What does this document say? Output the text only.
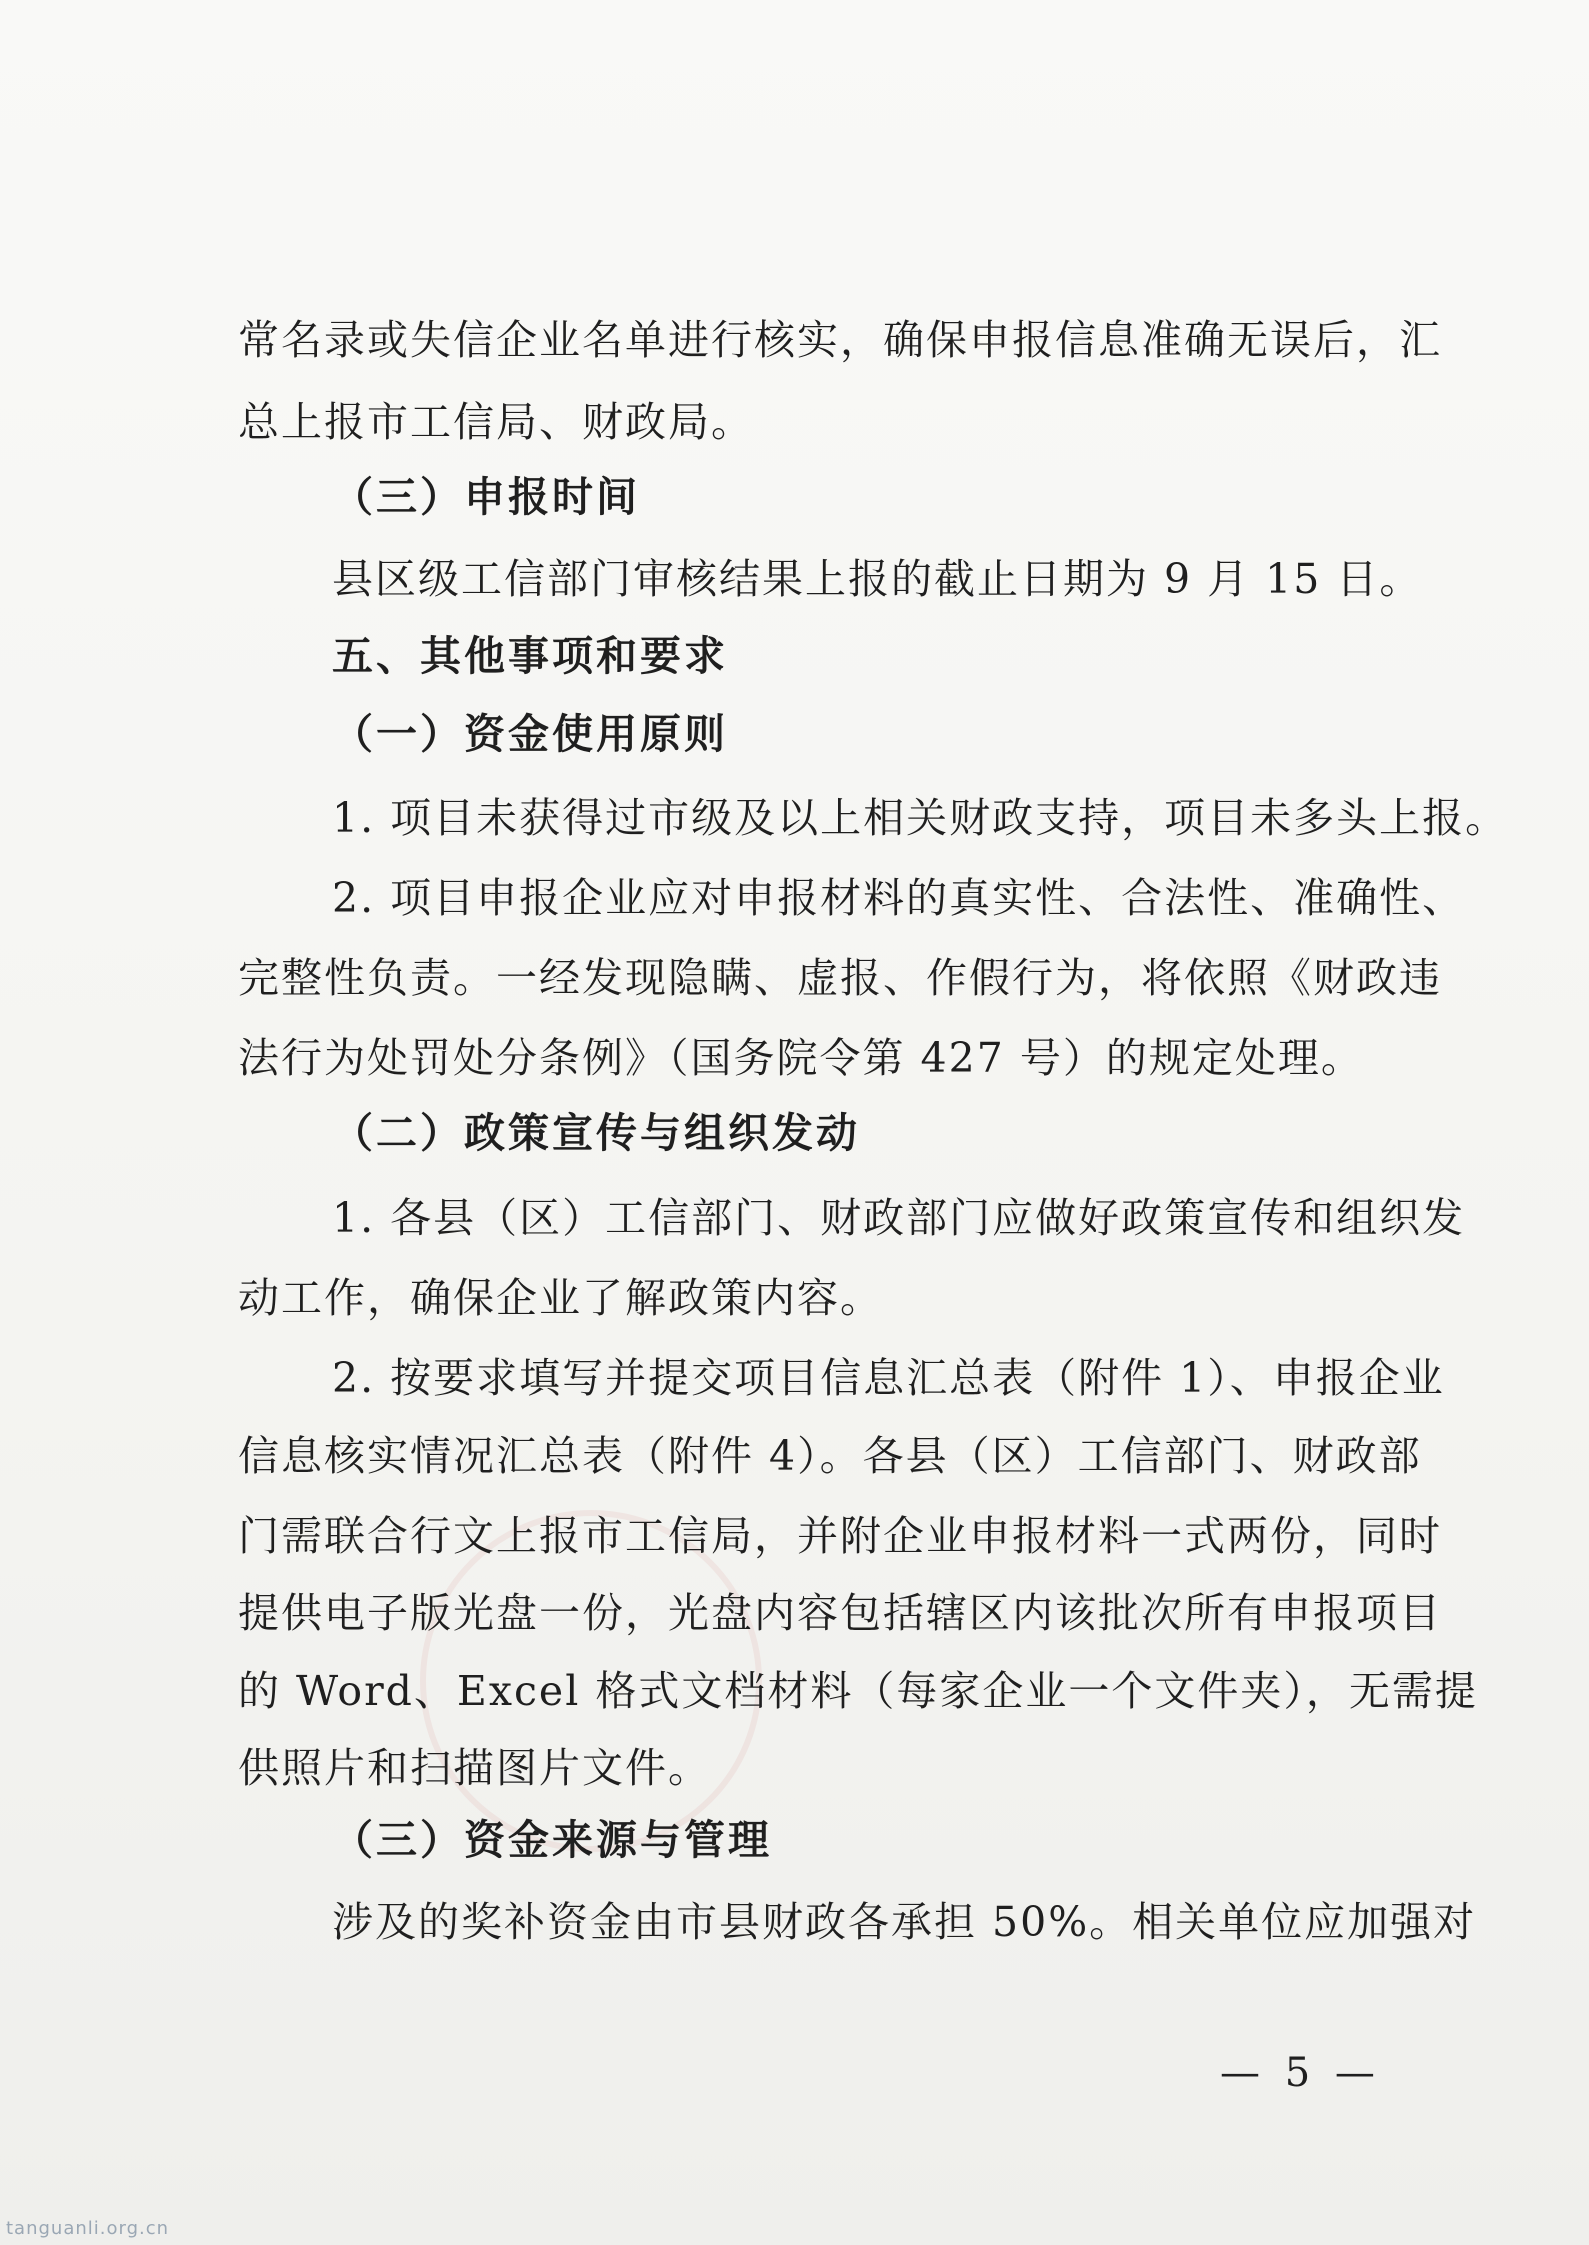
常名录或失信企业名单进行核实，确保申报信息准确无误后，汇
总上报市工信局、财政局。
（三）申报时间
县区级工信部门审核结果上报的截止日期为 9 月 15 日。
五、其他事项和要求
（一）资金使用原则
1. 项目未获得过市级及以上相关财政支持，项目未多头上报。
2. 项目申报企业应对申报材料的真实性、合法性、准确性、
完整性负责。一经发现隐瞒、虚报、作假行为，将依照《财政违
法行为处罚处分条例》（国务院令第 427 号）的规定处理。
（二）政策宣传与组织发动
1. 各县（区）工信部门、财政部门应做好政策宣传和组织发
动工作，确保企业了解政策内容。
2. 按要求填写并提交项目信息汇总表（附件 1）、申报企业
信息核实情况汇总表（附件 4）。各县（区）工信部门、财政部
门需联合行文上报市工信局，并附企业申报材料一式两份，同时
提供电子版光盘一份，光盘内容包括辖区内该批次所有申报项目
的 Word、Excel 格式文档材料（每家企业一个文件夹），无需提
供照片和扫描图片文件。
（三）资金来源与管理
涉及的奖补资金由市县财政各承担 50%。相关单位应加强对
— 5 —
tanguanli.org.cn
